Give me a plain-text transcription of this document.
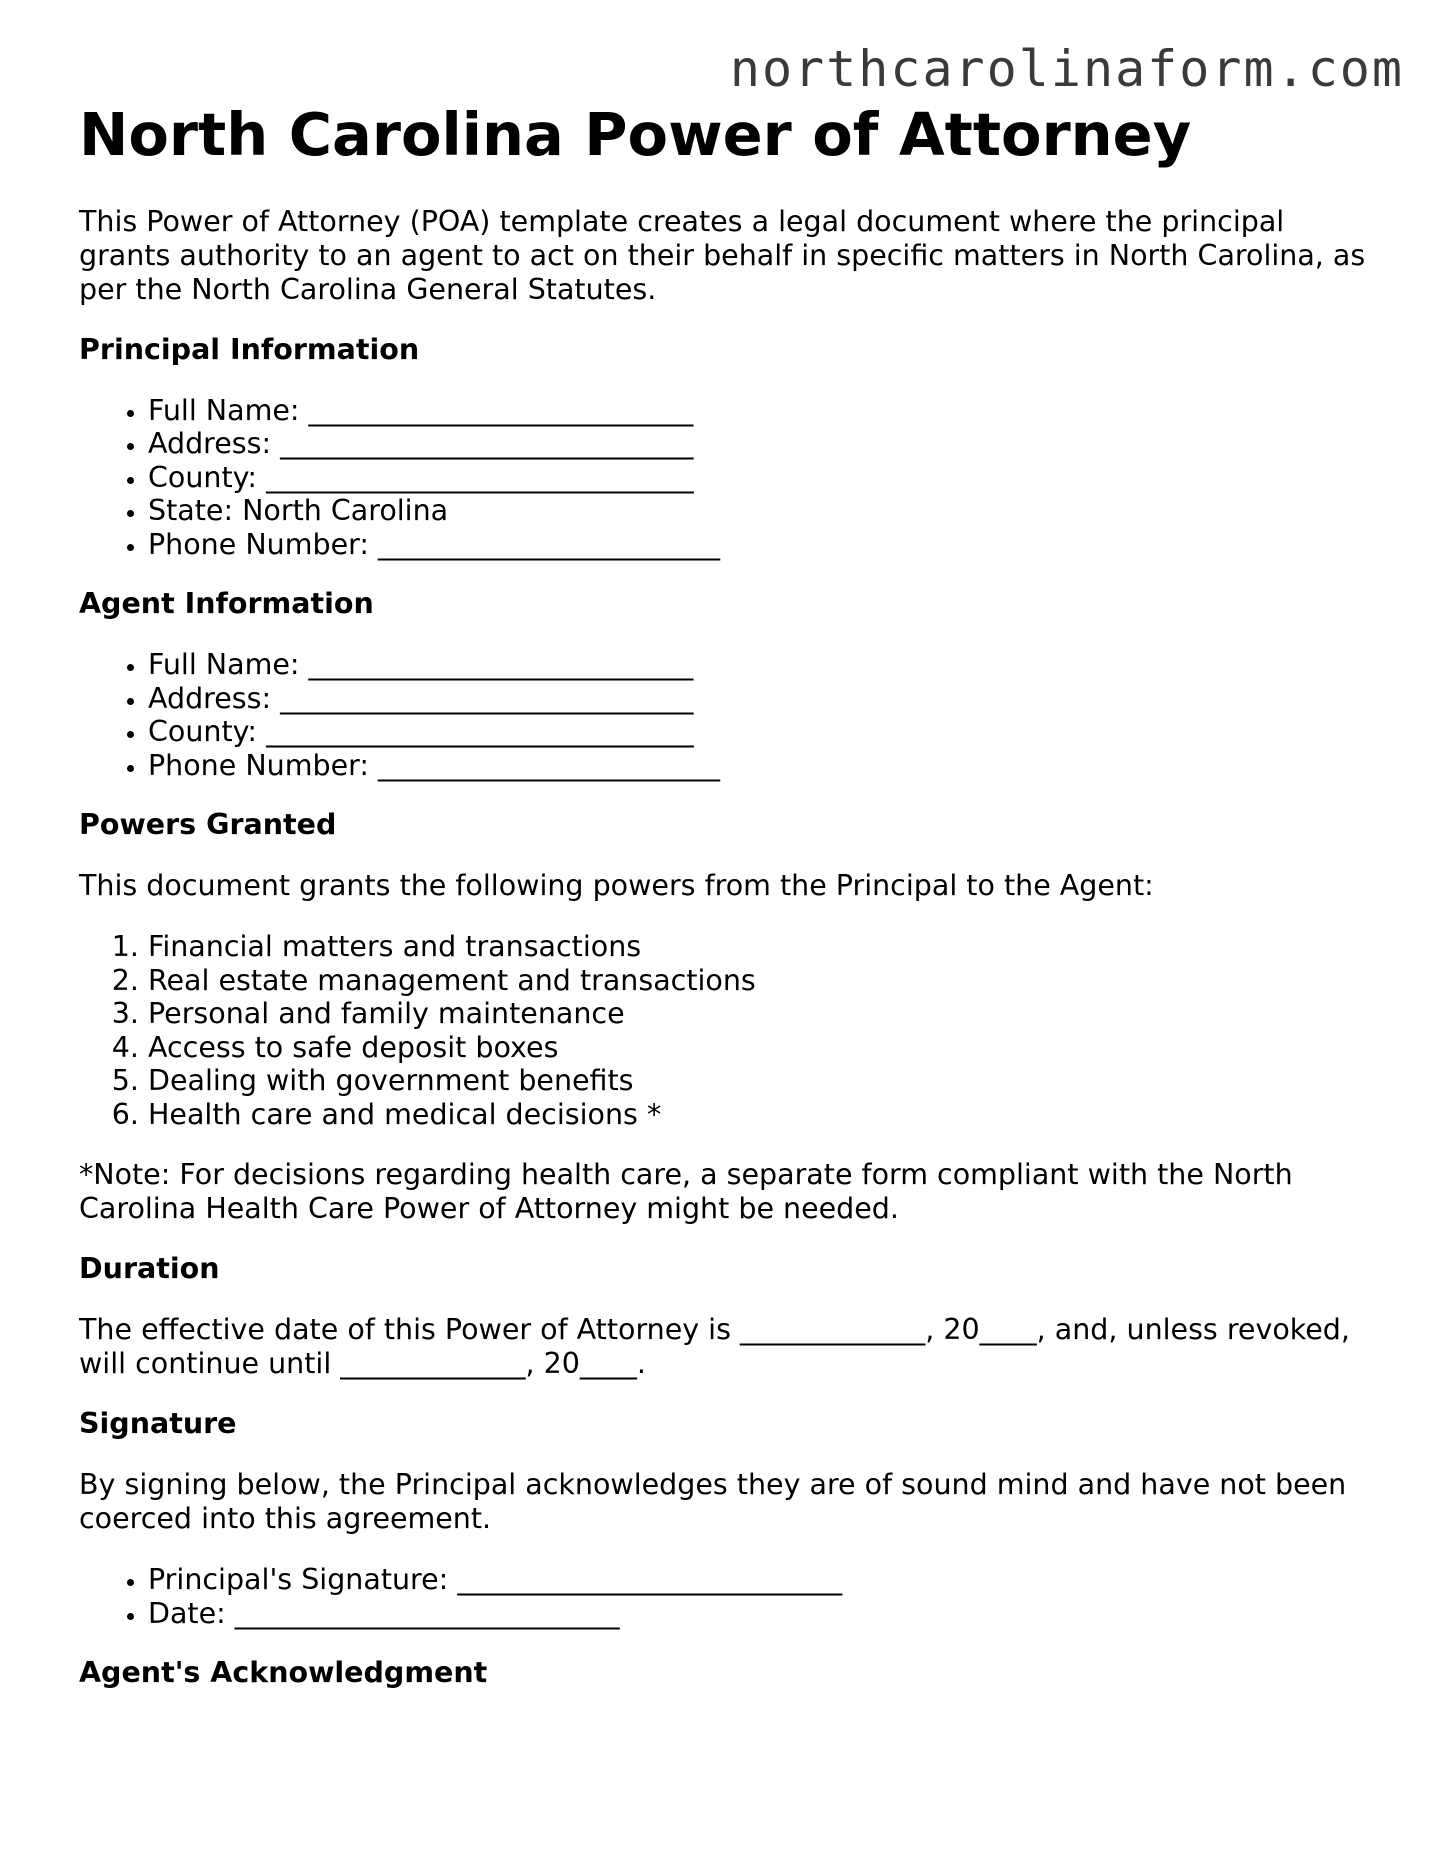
northcarolinaform.com
North Carolina Power of Attorney

This Power of Attorney (POA) template creates a legal document where the principal grants authority to an agent to act on their behalf in specific matters in North Carolina, as per the North Carolina General Statutes.

Principal Information
• Full Name: ___________________________
• Address: _____________________________
• County: ______________________________
• State: North Carolina
• Phone Number: ________________________
Agent Information
• Full Name: ___________________________
• Address: _____________________________
• County: ______________________________
• Phone Number: ________________________
Powers Granted

This document grants the following powers from the Principal to the Agent:

1. Financial matters and transactions
2. Real estate management and transactions
3. Personal and family maintenance
4. Access to safe deposit boxes
5. Dealing with government benefits
6. Health care and medical decisions *

*Note: For decisions regarding health care, a separate form compliant with the North Carolina Health Care Power of Attorney might be needed.

Duration

The effective date of this Power of Attorney is _____________, 20____, and, unless revoked, will continue until _____________, 20____.

Signature

By signing below, the Principal acknowledges they are of sound mind and have not been coerced into this agreement.

• Principal's Signature: ___________________________
• Date: ___________________________
Agent's Acknowledgment
